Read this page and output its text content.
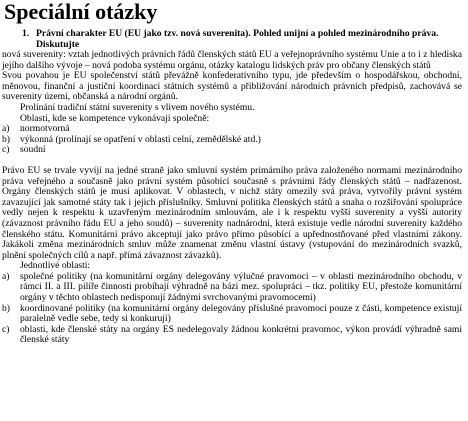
Speciální otázky
1. Právní charakter EU (EU jako tzv. nová suverenita). Pohled unijní a pohled mezinárodního práva. Diskutujte
nová suverenity: vztah jednotlivých právních řádů členských států EU a veřejnoprávního systému Unie a to i z hlediska jejího dalšího vývoje – nová podoba systému orgánu, otázky katalogu lidských práv pro občany členských států
Svou povahou je EU společenství států převážně konfederativního typu, jde především o hospodářskou, obchodní, měnovou, finanční a justiční koordinaci státních systémů a přibližování národních právních předpisů, zachovává se suverenity území, občanská a národní orgánů.
Prolínání tradiční státní suverenity s vlivem nového systému.
Oblasti, kde se kompetence vykonávají společně:
a)	normotvorná
b)	výkonná (prolínají se opatření v oblasti celní, zemědělské atd.)
c)	soudní
Právo EU se trvale vyvíjí na jedné straně jako smluvní systém primárního práva založeného normami mezinárodního práva veřejného a současně jako právní systém působící současně s právními řády členských států – nadřazenost. Orgány členských států je musí aplikovat. V oblastech, v nichž státy omezily svá práva, vytvořily právní systém zavazující jak samotné státy tak i jejich příslušníky. Smluvní politika členských států a snaha o rozšiřování spolupráce vedly nejen k respektu k uzavřeným mezinárodním smlouvám, ale i k respektu vyšší suverenity a vyšší autority (závaznost právního řádu EU a jeho soudů) – suverenity nadnárodní, která existuje vedle národní suverenity každého členského státu. Komunitární právo akceptují jako právo přímo působící a upřednostňované před vlastními zákony. Jakákoli změna mezinárodních smluv může znamenat změnu vlastní ústavy (vstupování do mezinárodních svazků, plnění společných cílů a např. přímá závaznost závazků).
Jednotlivé oblasti:
a)	společné politiky (na komunitární orgány delegovány výlučné pravomoci – v oblasti mezinárodního obchodu, v rámci II. a III. pilíře činnosti probíhají výhradně na bázi mez. spolupráci – tkz. politiky EU, přestože komunitární orgány v těchto oblastech nedisponují žádnými svrchovanými pravomocemi)
b)	koordinované politiky (na komunitární orgány delegovány příslušné pravomoci pouze z části, kompetence existují paralelně vedle sebe, tedy si konkurují)
c)	oblasti, kde členské státy na orgány ES nedelegovaly žádnou konkrétní pravomoc, výkon provádí výhradně sami členské státy
